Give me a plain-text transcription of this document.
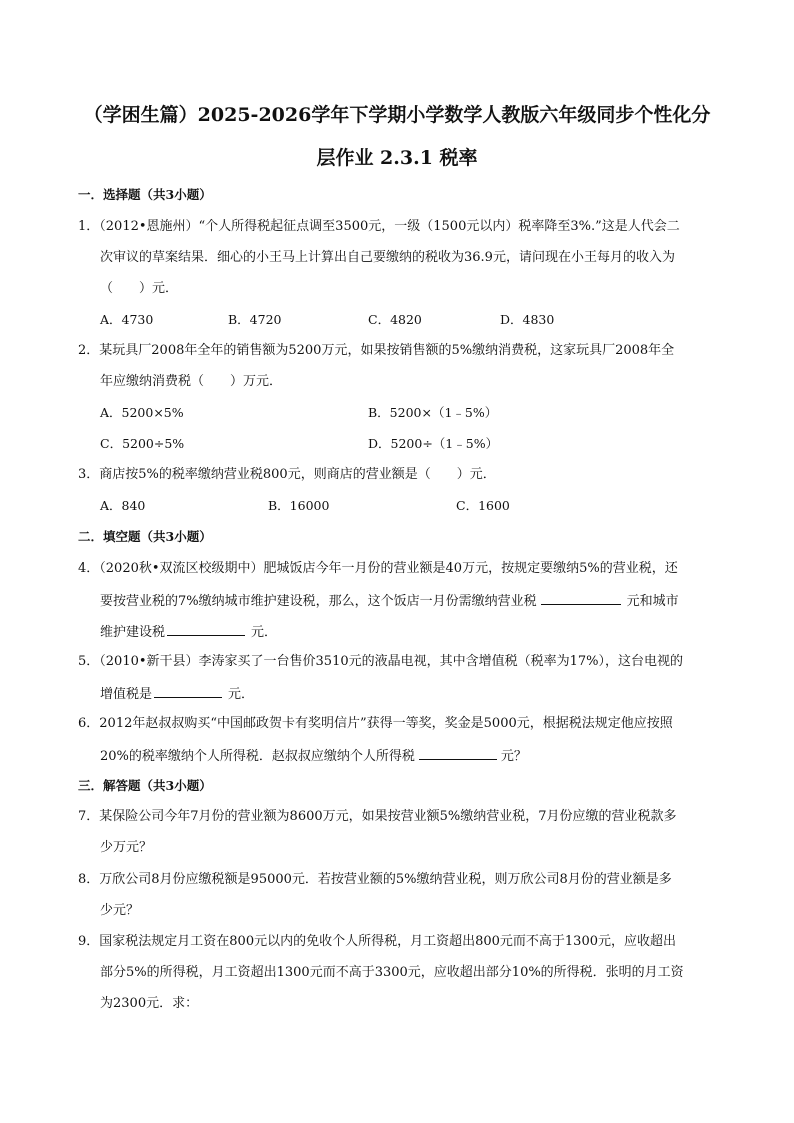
（学困生篇）2025-2026学年下学期小学数学人教版六年级同步个性化分
层作业 2.3.1 税率
一．选择题（共3小题）
1．（2012•恩施州）“个人所得税起征点调至3500元，一级（1500元以内）税率降至3%.”这是人代会二
次审议的草案结果．细心的小王马上计算出自己要缴纳的税收为36.9元，请问现在小王每月的收入为
（　　）元．
A．4730	B．4720	C．4820	D．4830
2．某玩具厂2008年全年的销售额为5200万元，如果按销售额的5%缴纳消费税，这家玩具厂2008年全
年应缴纳消费税（　　）万元．
A．5200×5%	B．5200×（1﹣5%）
C．5200÷5%	D．5200÷（1﹣5%）
3．商店按5%的税率缴纳营业税800元，则商店的营业额是（　　）元．
A．840	B．16000	C．1600
二．填空题（共3小题）
4．（2020秋•双流区校级期中）肥城饭店今年一月份的营业额是40万元，按规定要缴纳5%的营业税，还
要按营业税的7%缴纳城市维护建设税，那么，这个饭店一月份需缴纳营业税	元和城市
维护建设税	元．
5．（2010•新干县）李涛家买了一台售价3510元的液晶电视，其中含增值税（税率为17%），这台电视的
增值税是	元．
6．2012年赵叔叔购买“中国邮政贺卡有奖明信片”获得一等奖，奖金是5000元，根据税法规定他应按照
20%的税率缴纳个人所得税．赵叔叔应缴纳个人所得税	元？
三．解答题（共3小题）
7．某保险公司今年7月份的营业额为8600万元，如果按营业额5%缴纳营业税，7月份应缴的营业税款多
少万元？
8．万欣公司8月份应缴税额是95000元．若按营业额的5%缴纳营业税，则万欣公司8月份的营业额是多
少元？
9．国家税法规定月工资在800元以内的免收个人所得税，月工资超出800元而不高于1300元，应收超出
部分5%的所得税，月工资超出1300元而不高于3300元，应收超出部分10%的所得税．张明的月工资
为2300元．求：
